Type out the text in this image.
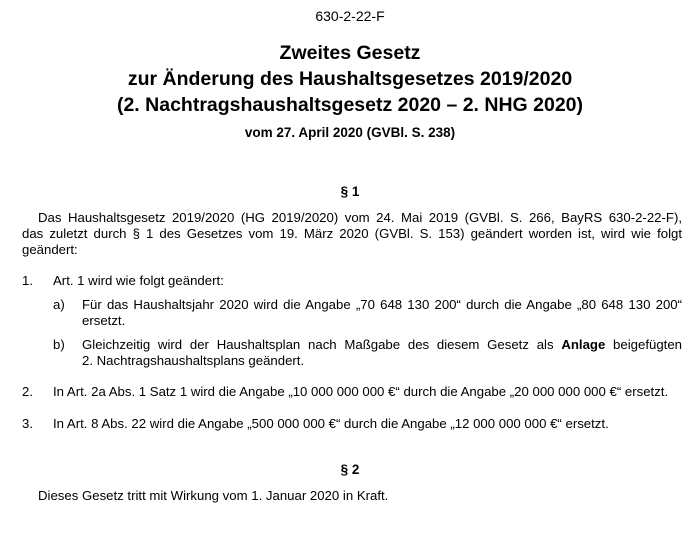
630-2-22-F
Zweites Gesetz
zur Änderung des Haushaltsgesetzes 2019/2020
(2. Nachtragshaushaltsgesetz 2020 – 2. NHG 2020)
vom 27. April 2020 (GVBl. S. 238)
§ 1
Das Haushaltsgesetz 2019/2020 (HG 2019/2020) vom 24. Mai 2019 (GVBl. S. 266, BayRS 630-2-22-F),
das zuletzt durch § 1 des Gesetzes vom 19. März 2020 (GVBl. S. 153) geändert worden ist, wird wie folgt
geändert:
1. Art. 1 wird wie folgt geändert:
a) Für das Haushaltsjahr 2020 wird die Angabe „70 648 130 200“ durch die Angabe „80 648 130 200“
ersetzt.
b) Gleichzeitig wird der Haushaltsplan nach Maßgabe des diesem Gesetz als Anlage beigefügten
2. Nachtragshaushaltsplans geändert.
2. In Art. 2a Abs. 1 Satz 1 wird die Angabe „10 000 000 000 €“ durch die Angabe „20 000 000 000 €“ ersetzt.
3. In Art. 8 Abs. 22 wird die Angabe „500 000 000 €“ durch die Angabe „12 000 000 000 €“ ersetzt.
§ 2
Dieses Gesetz tritt mit Wirkung vom 1. Januar 2020 in Kraft.
